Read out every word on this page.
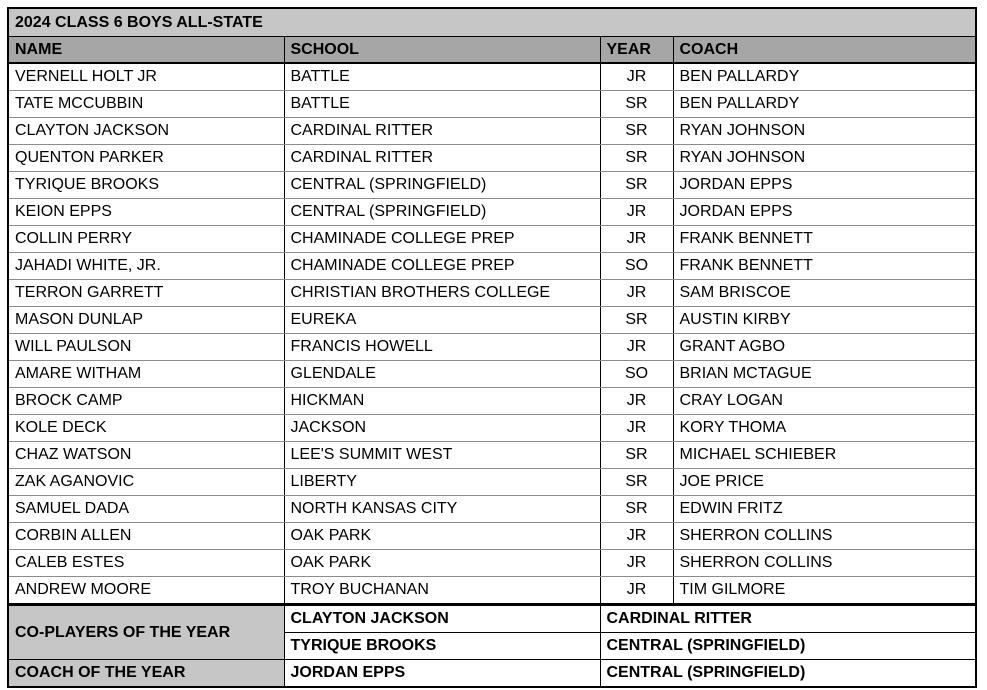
2024 CLASS 6 BOYS ALL-STATE			
NAME	SCHOOL	YEAR	COACH
VERNELL HOLT JR	BATTLE	JR	BEN PALLARDY
TATE MCCUBBIN	BATTLE	SR	BEN PALLARDY
CLAYTON JACKSON	CARDINAL RITTER	SR	RYAN JOHNSON
QUENTON PARKER	CARDINAL RITTER	SR	RYAN JOHNSON
TYRIQUE BROOKS	CENTRAL (SPRINGFIELD)	SR	JORDAN EPPS
KEION EPPS	CENTRAL (SPRINGFIELD)	JR	JORDAN EPPS
COLLIN PERRY	CHAMINADE COLLEGE PREP	JR	FRANK BENNETT
JAHADI WHITE, JR.	CHAMINADE COLLEGE PREP	SO	FRANK BENNETT
TERRON GARRETT	CHRISTIAN BROTHERS COLLEGE	JR	SAM BRISCOE
MASON DUNLAP	EUREKA	SR	AUSTIN KIRBY
WILL PAULSON	FRANCIS HOWELL	JR	GRANT AGBO
AMARE WITHAM	GLENDALE	SO	BRIAN MCTAGUE
BROCK CAMP	HICKMAN	JR	CRAY LOGAN
KOLE DECK	JACKSON	JR	KORY THOMA
CHAZ WATSON	LEE'S SUMMIT WEST	SR	MICHAEL SCHIEBER
ZAK AGANOVIC	LIBERTY	SR	JOE PRICE
SAMUEL DADA	NORTH KANSAS CITY	SR	EDWIN FRITZ
CORBIN ALLEN	OAK PARK	JR	SHERRON COLLINS
CALEB ESTES	OAK PARK	JR	SHERRON COLLINS
ANDREW MOORE	TROY BUCHANAN	JR	TIM GILMORE
CO-PLAYERS OF THE YEAR	CLAYTON JACKSON	CARDINAL RITTER	
	TYRIQUE BROOKS	CENTRAL (SPRINGFIELD)	
COACH OF THE YEAR	JORDAN EPPS	CENTRAL (SPRINGFIELD)	
